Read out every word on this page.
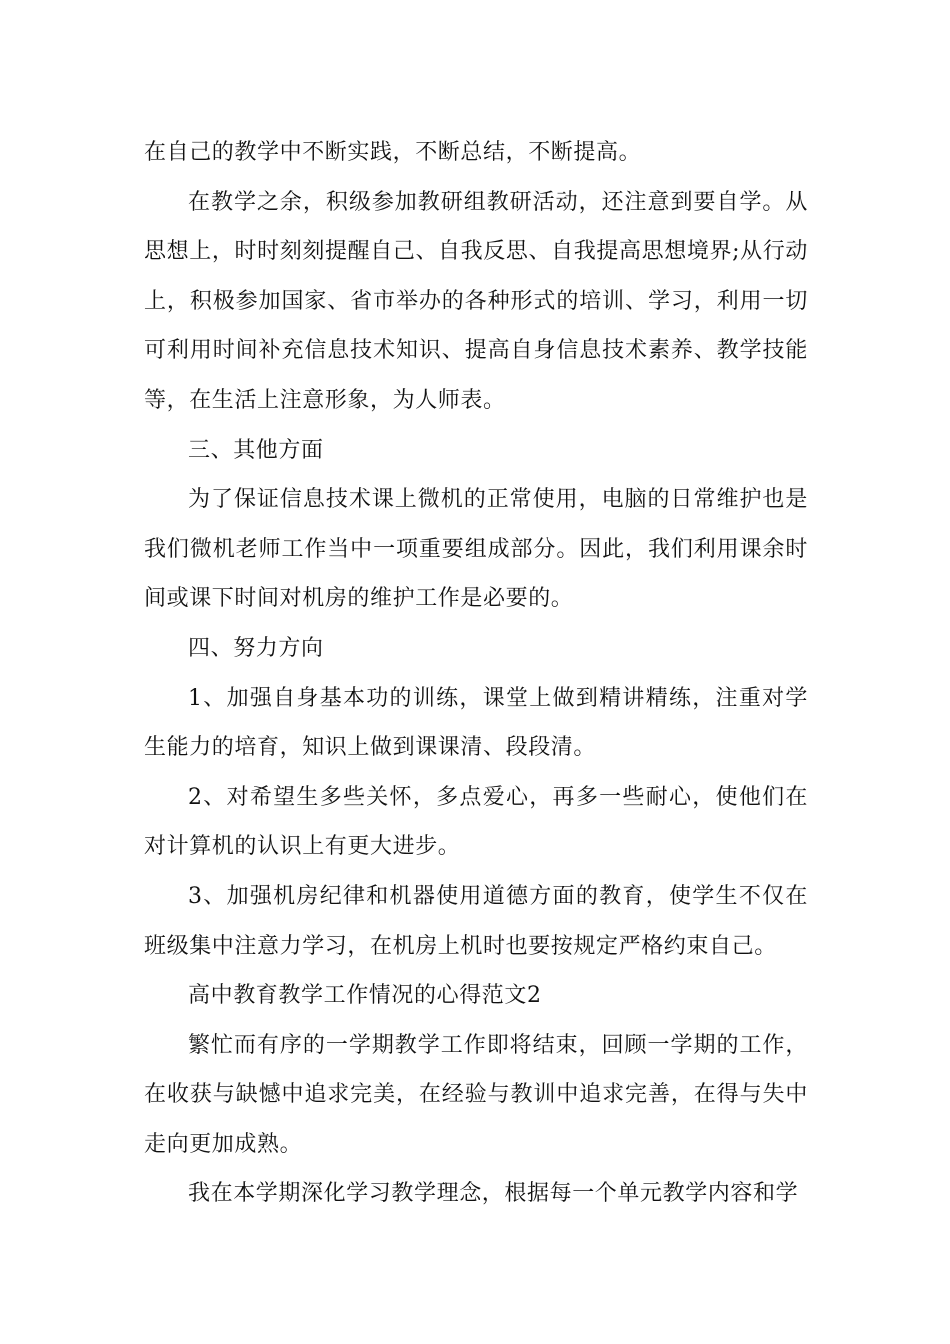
在自己的教学中不断实践，不断总结，不断提高。

在教学之余，积级参加教研组教研活动，还注意到要自学。从思想上，时时刻刻提醒自己、自我反思、自我提高思想境界;从行动上，积极参加国家、省市举办的各种形式的培训、学习，利用一切可利用时间补充信息技术知识、提高自身信息技术素养、教学技能等，在生活上注意形象，为人师表。

三、其他方面

为了保证信息技术课上微机的正常使用，电脑的日常维护也是我们微机老师工作当中一项重要组成部分。因此，我们利用课余时间或课下时间对机房的维护工作是必要的。

四、努力方向

1、加强自身基本功的训练，课堂上做到精讲精练，注重对学生能力的培育，知识上做到课课清、段段清。

2、对希望生多些关怀，多点爱心，再多一些耐心，使他们在对计算机的认识上有更大进步。

3、加强机房纪律和机器使用道德方面的教育，使学生不仅在班级集中注意力学习，在机房上机时也要按规定严格约束自己。

高中教育教学工作情况的心得范文2

繁忙而有序的一学期教学工作即将结束，回顾一学期的工作，在收获与缺憾中追求完美，在经验与教训中追求完善，在得与失中走向更加成熟。

我在本学期深化学习教学理念，根据每一个单元教学内容和学
